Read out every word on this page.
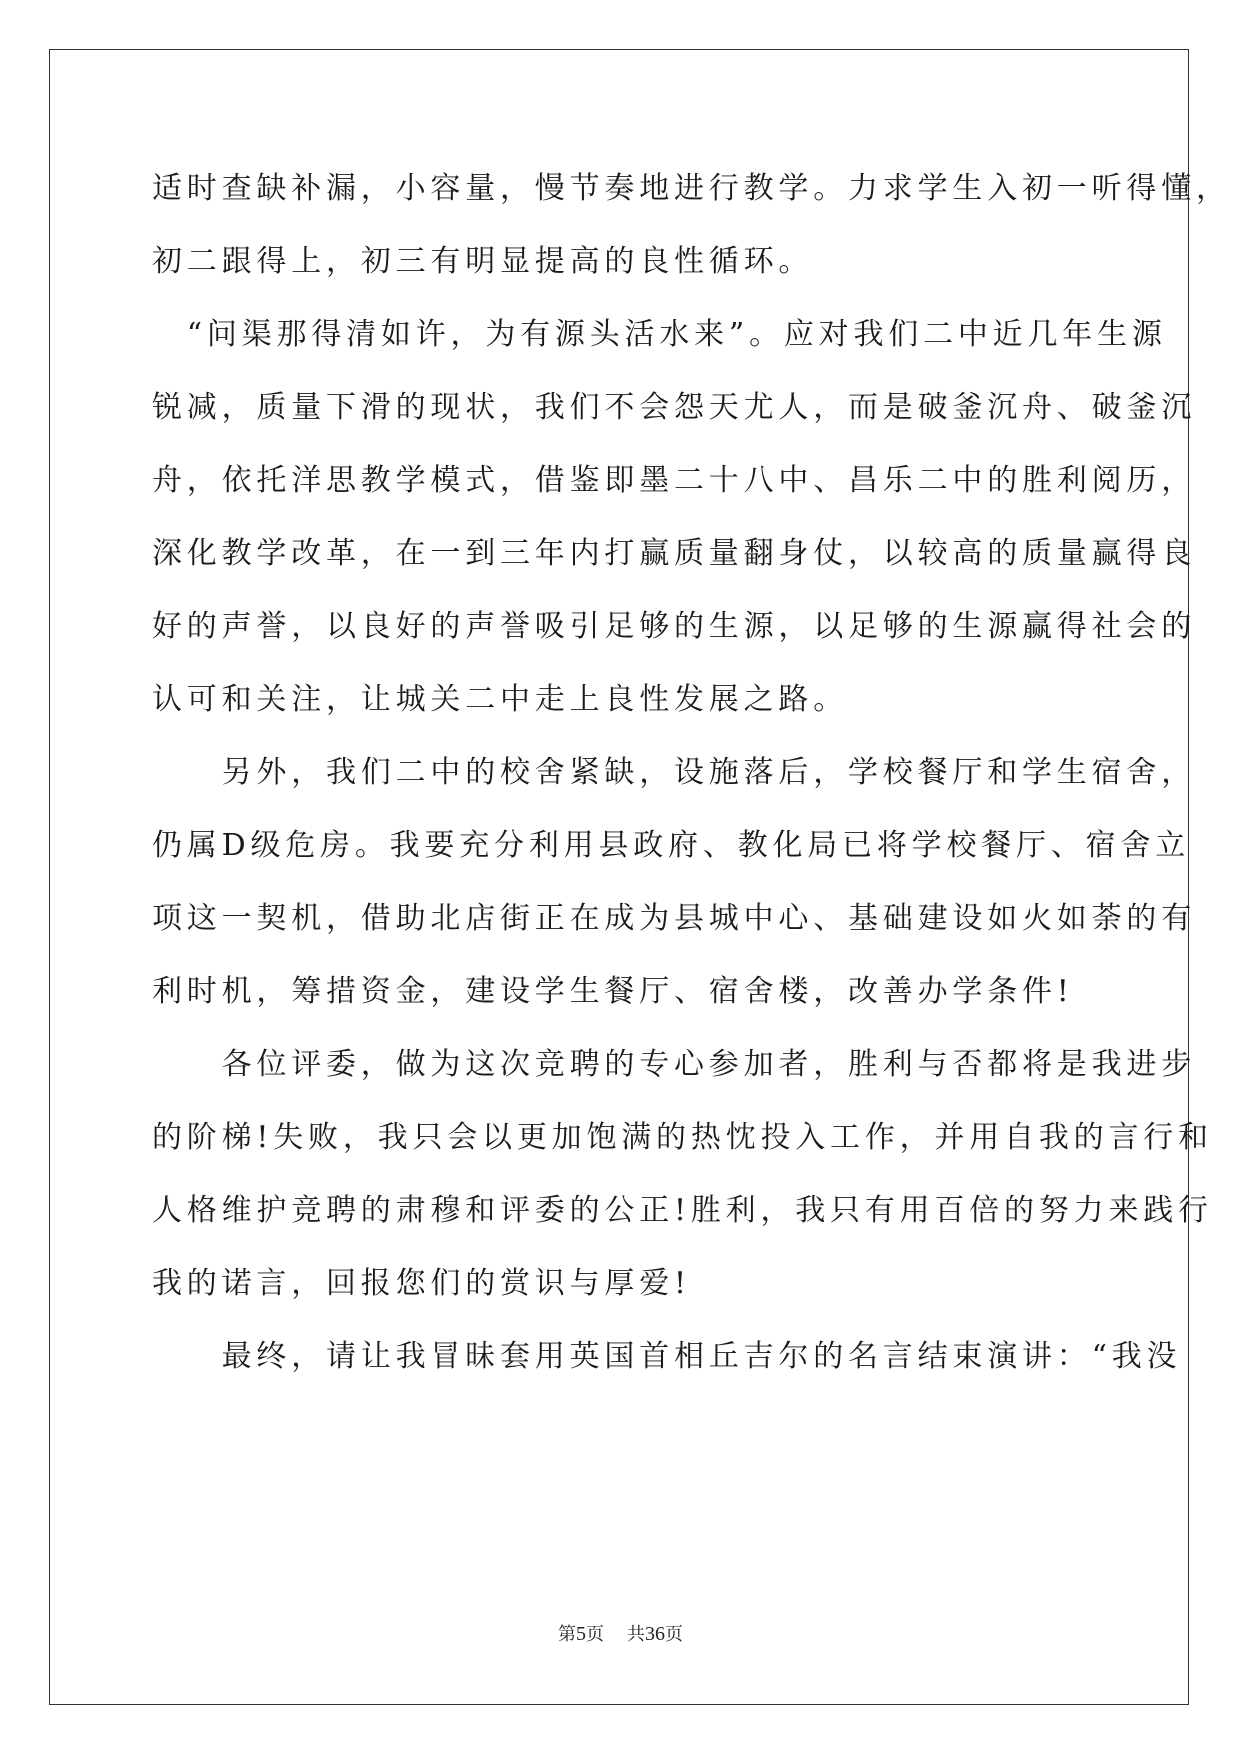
适时查缺补漏，小容量，慢节奏地进行教学。力求学生入初一听得懂，
初二跟得上，初三有明显提高的良性循环。
　“问渠那得清如许，为有源头活水来”。应对我们二中近几年生源
锐减，质量下滑的现状，我们不会怨天尤人，而是破釜沉舟、破釜沉
舟，依托洋思教学模式，借鉴即墨二十八中、昌乐二中的胜利阅历，
深化教学改革，在一到三年内打赢质量翻身仗，以较高的质量赢得良
好的声誉，以良好的声誉吸引足够的生源，以足够的生源赢得社会的
认可和关注，让城关二中走上良性发展之路。
　　另外，我们二中的校舍紧缺，设施落后，学校餐厅和学生宿舍，
仍属D级危房。我要充分利用县政府、教化局已将学校餐厅、宿舍立
项这一契机，借助北店街正在成为县城中心、基础建设如火如荼的有
利时机，筹措资金，建设学生餐厅、宿舍楼，改善办学条件!
　　各位评委，做为这次竞聘的专心参加者，胜利与否都将是我进步
的阶梯!失败，我只会以更加饱满的热忱投入工作，并用自我的言行和
人格维护竞聘的肃穆和评委的公正!胜利，我只有用百倍的努力来践行
我的诺言，回报您们的赏识与厚爱!
　　最终，请让我冒昧套用英国首相丘吉尔的名言结束演讲：“我没
第5页    共36页
